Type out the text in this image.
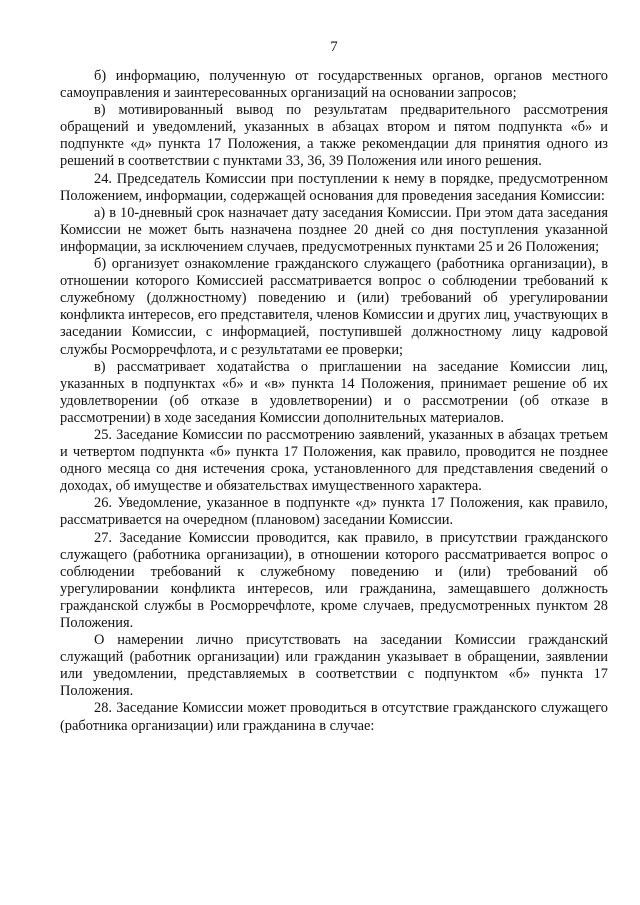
7

б) информацию, полученную от государственных органов, органов местного самоуправления и заинтересованных организаций на основании запросов;

в) мотивированный вывод по результатам предварительного рассмотрения обращений и уведомлений, указанных в абзацах втором и пятом подпункта «б» и подпункте «д» пункта 17 Положения, а также рекомендации для принятия одного из решений в соответствии с пунктами 33, 36, 39 Положения или иного решения.

24. Председатель Комиссии при поступлении к нему в порядке, предусмотренном Положением, информации, содержащей основания для проведения заседания Комиссии:

а) в 10-дневный срок назначает дату заседания Комиссии. При этом дата заседания Комиссии не может быть назначена позднее 20 дней со дня поступления указанной информации, за исключением случаев, предусмотренных пунктами 25 и 26 Положения;

б) организует ознакомление гражданского служащего (работника организации), в отношении которого Комиссией рассматривается вопрос о соблюдении требований к служебному (должностному) поведению и (или) требований об урегулировании конфликта интересов, его представителя, членов Комиссии и других лиц, участвующих в заседании Комиссии, с информацией, поступившей должностному лицу кадровой службы Росморречфлота, и с результатами ее проверки;

в) рассматривает ходатайства о приглашении на заседание Комиссии лиц, указанных в подпунктах «б» и «в» пункта 14 Положения, принимает решение об их удовлетворении (об отказе в удовлетворении) и о рассмотрении (об отказе в рассмотрении) в ходе заседания Комиссии дополнительных материалов.

25. Заседание Комиссии по рассмотрению заявлений, указанных в абзацах третьем и четвертом подпункта «б» пункта 17 Положения, как правило, проводится не позднее одного месяца со дня истечения срока, установленного для представления сведений о доходах, об имуществе и обязательствах имущественного характера.

26. Уведомление, указанное в подпункте «д» пункта 17 Положения, как правило, рассматривается на очередном (плановом) заседании Комиссии.

27. Заседание Комиссии проводится, как правило, в присутствии гражданского служащего (работника организации), в отношении которого рассматривается вопрос о соблюдении требований к служебному поведению и (или) требований об урегулировании конфликта интересов, или гражданина, замещавшего должность гражданской службы в Росморречфлоте, кроме случаев, предусмотренных пунктом 28 Положения.

О намерении лично присутствовать на заседании Комиссии гражданский служащий (работник организации) или гражданин указывает в обращении, заявлении или уведомлении, представляемых в соответствии с подпунктом «б» пункта 17 Положения.

28. Заседание Комиссии может проводиться в отсутствие гражданского служащего (работника организации) или гражданина в случае:
